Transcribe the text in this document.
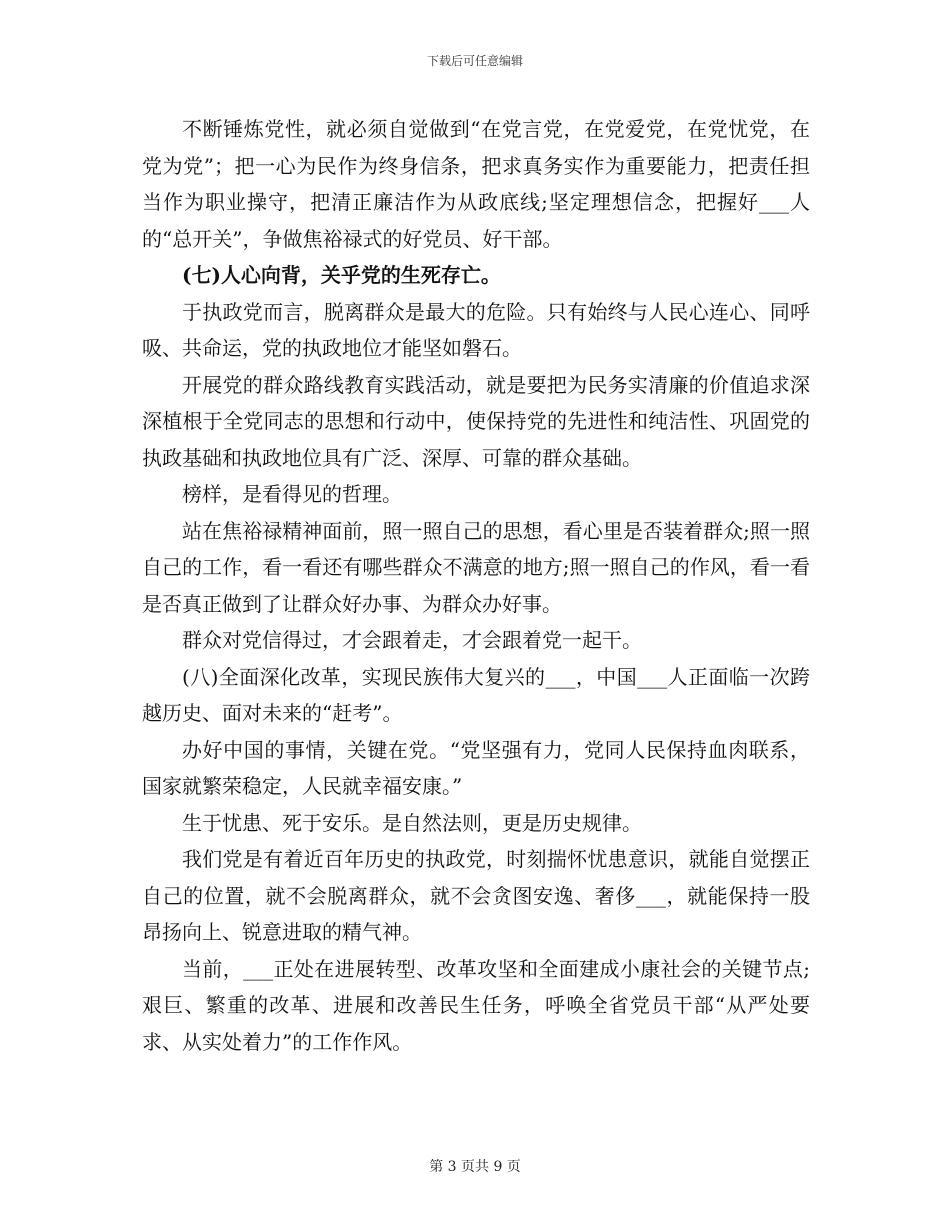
下载后可任意编辑

不断锤炼党性，就必须自觉做到“在党言党，在党爱党，在党忧党，在党为党”；把一心为民作为终身信条，把求真务实作为重要能力，把责任担当作为职业操守，把清正廉洁作为从政底线;坚定理想信念，把握好___人的“总开关”，争做焦裕禄式的好党员、好干部。

(七)人心向背，关乎党的生死存亡。

于执政党而言，脱离群众是最大的危险。只有始终与人民心连心、同呼吸、共命运，党的执政地位才能坚如磐石。

开展党的群众路线教育实践活动，就是要把为民务实清廉的价值追求深深植根于全党同志的思想和行动中，使保持党的先进性和纯洁性、巩固党的执政基础和执政地位具有广泛、深厚、可靠的群众基础。

榜样，是看得见的哲理。

站在焦裕禄精神面前，照一照自己的思想，看心里是否装着群众;照一照自己的工作，看一看还有哪些群众不满意的地方;照一照自己的作风，看一看是否真正做到了让群众好办事、为群众办好事。

群众对党信得过，才会跟着走，才会跟着党一起干。

(八)全面深化改革，实现民族伟大复兴的___，中国___人正面临一次跨越历史、面对未来的“赶考”。

办好中国的事情，关键在党。“党坚强有力，党同人民保持血肉联系，国家就繁荣稳定，人民就幸福安康。”

生于忧患、死于安乐。是自然法则，更是历史规律。

我们党是有着近百年历史的执政党，时刻揣怀忧患意识，就能自觉摆正自己的位置，就不会脱离群众，就不会贪图安逸、奢侈___，就能保持一股昂扬向上、锐意进取的精气神。

当前，___正处在进展转型、改革攻坚和全面建成小康社会的关键节点;艰巨、繁重的改革、进展和改善民生任务，呼唤全省党员干部“从严处要求、从实处着力”的工作作风。

第 3 页共 9 页
